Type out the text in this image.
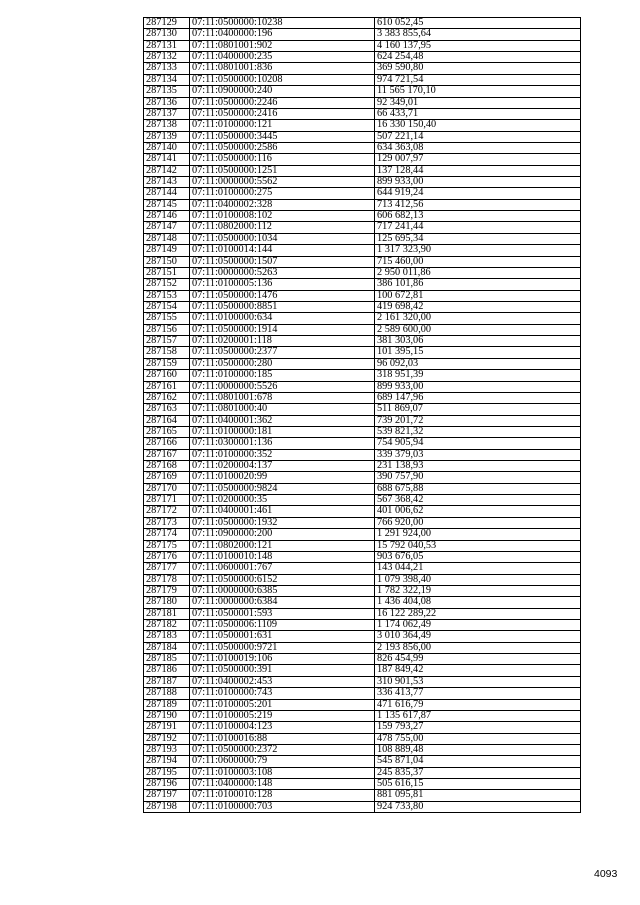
287129	07:11:0500000:10238	610 052,45
287130	07:11:0400000:196	3 383 855,64
287131	07:11:0801001:902	4 160 137,95
287132	07:11:0400000:235	624 254,48
287133	07:11:0801001:836	369 590,80
287134	07:11:0500000:10208	974 721,54
287135	07:11:0900000:240	11 565 170,10
287136	07:11:0500000:2246	92 349,01
287137	07:11:0500000:2416	66 433,71
287138	07:11:0100000:121	16 330 150,40
287139	07:11:0500000:3445	507 221,14
287140	07:11:0500000:2586	634 363,08
287141	07:11:0500000:116	129 007,97
287142	07:11:0500000:1251	137 128,44
287143	07:11:0000000:5562	899 933,00
287144	07:11:0100000:275	644 919,24
287145	07:11:0400002:328	713 412,56
287146	07:11:0100008:102	606 682,13
287147	07:11:0802000:112	717 241,44
287148	07:11:0500000:1034	125 695,34
287149	07:11:0100014:144	1 317 323,90
287150	07:11:0500000:1507	715 460,00
287151	07:11:0000000:5263	2 950 011,86
287152	07:11:0100005:136	386 101,86
287153	07:11:0500000:1476	100 672,81
287154	07:11:0500000:8851	419 698,42
287155	07:11:0100000:634	2 161 320,00
287156	07:11:0500000:1914	2 589 600,00
287157	07:11:0200001:118	381 303,06
287158	07:11:0500000:2377	101 395,15
287159	07:11:0500000:280	96 092,03
287160	07:11:0100000:185	318 951,39
287161	07:11:0000000:5526	899 933,00
287162	07:11:0801001:678	689 147,96
287163	07:11:0801000:40	511 869,07
287164	07:11:0400001:362	739 201,72
287165	07:11:0100000:181	539 821,32
287166	07:11:0300001:136	754 905,94
287167	07:11:0100000:352	339 379,03
287168	07:11:0200004:137	231 138,93
287169	07:11:0100020:99	390 757,90
287170	07:11:0500000:9824	688 675,88
287171	07:11:0200000:35	567 368,42
287172	07:11:0400001:461	401 006,62
287173	07:11:0500000:1932	766 920,00
287174	07:11:0900000:200	1 291 924,00
287175	07:11:0802000:121	15 792 040,53
287176	07:11:0100010:148	903 676,05
287177	07:11:0600001:767	143 044,21
287178	07:11:0500000:6152	1 079 398,40
287179	07:11:0000000:6385	1 782 322,19
287180	07:11:0000000:6384	1 436 404,08
287181	07:11:0500001:593	16 122 289,22
287182	07:11:0500006:1109	1 174 062,49
287183	07:11:0500001:631	3 010 364,49
287184	07:11:0500000:9721	2 193 856,00
287185	07:11:0100019:106	826 454,99
287186	07:11:0500000:391	187 849,42
287187	07:11:0400002:453	310 901,53
287188	07:11:0100000:743	336 413,77
287189	07:11:0100005:201	471 616,79
287190	07:11:0100005:219	1 135 617,87
287191	07:11:0100004:123	159 793,27
287192	07:11:0100016:88	478 755,00
287193	07:11:0500000:2372	108 889,48
287194	07:11:0600000:79	545 871,04
287195	07:11:0100003:108	245 835,37
287196	07:11:0400000:148	505 616,15
287197	07:11:0100010:128	881 095,81
287198	07:11:0100000:703	924 733,80
4093
